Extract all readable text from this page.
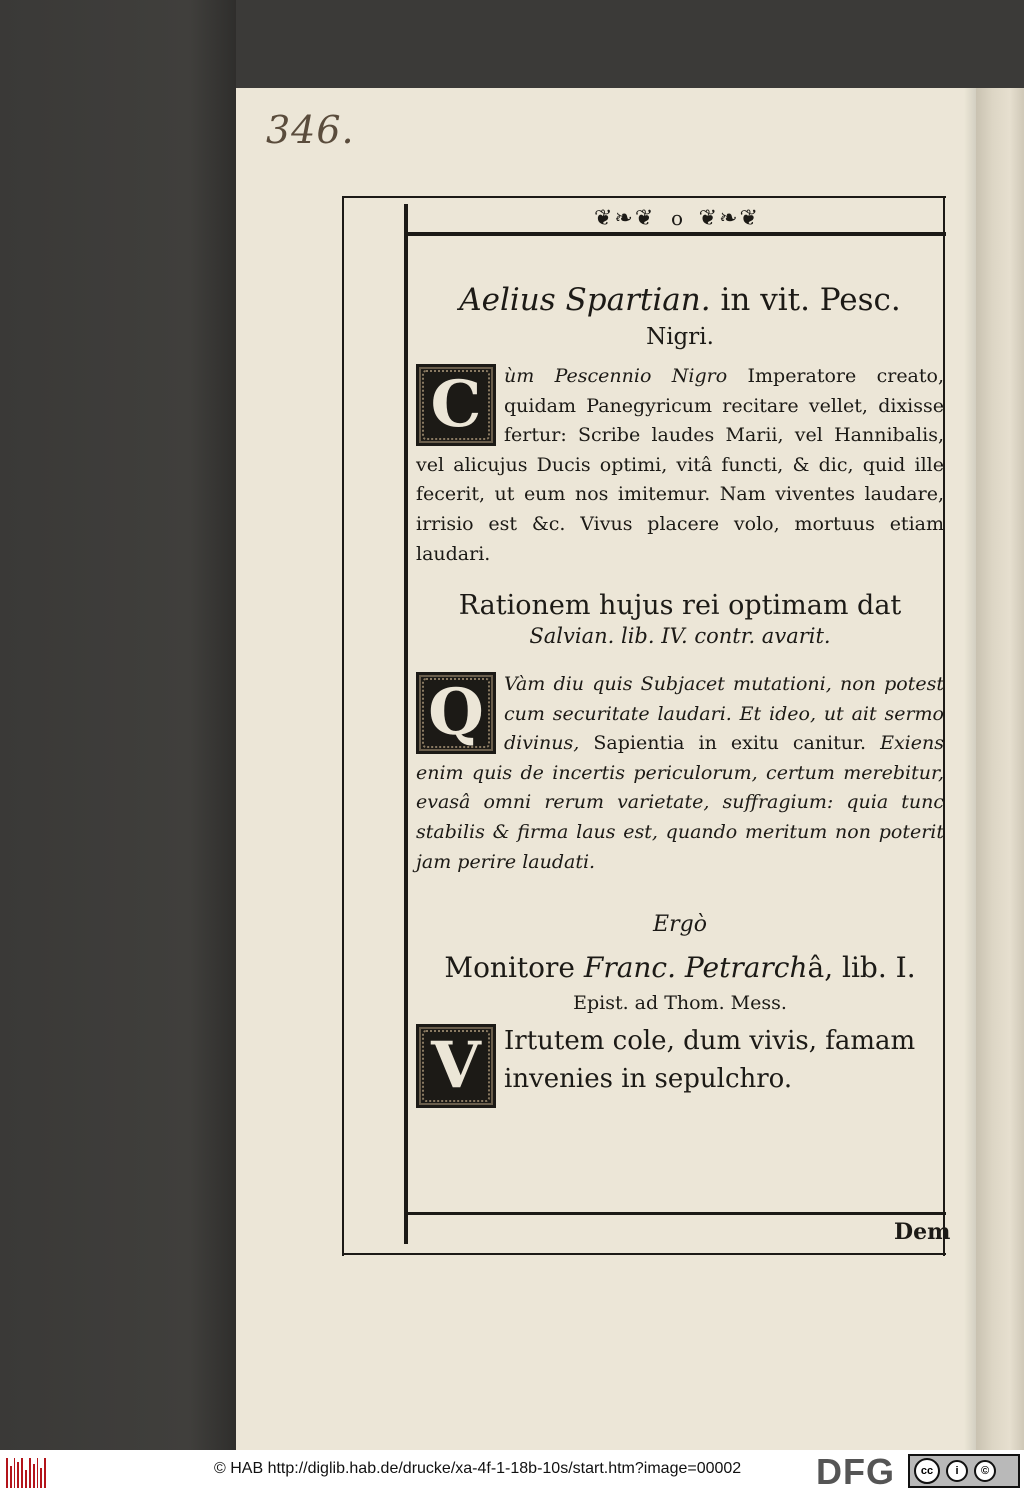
346.
❦❧❦ o ❦❧❦
Aelius Spartian. in vit. Pesc.
Nigri.
C ùm Pescennio Nigro Imperatore creato, quidam Panegyricum recitare vellet, dixisse fertur: Scribe laudes Marii, vel Hannibalis, vel alicujus Ducis optimi, vitâ functi, & dic, quid ille fecerit, ut eum nos imitemur. Nam viventes laudare, irrisio est &c. Vivus placere volo, mortuus etiam laudari.
Rationem hujus rei optimam dat
Salvian. lib. IV. contr. avarit.
Q Vàm diu quis Subjacet mutationi, non potest cum securitate laudari. Et ideo, ut ait sermo divinus, Sapientia in exitu canitur. Exiens enim quis de incertis periculorum, certum merebitur, evasâ omni rerum varietate, suffragium: quia tunc stabilis & firma laus est, quando meritum non poterit jam perire laudati.
Ergò
Monitore Franc. Petrarchâ, lib. I.
Epist. ad Thom. Mess.
V Irtutem cole, dum vivis, famam invenies in sepulchro.
Dem
© HAB http://diglib.hab.de/drucke/xa-4f-1-18b-10s/start.htm?image=00002 DFG	cc	i	©
